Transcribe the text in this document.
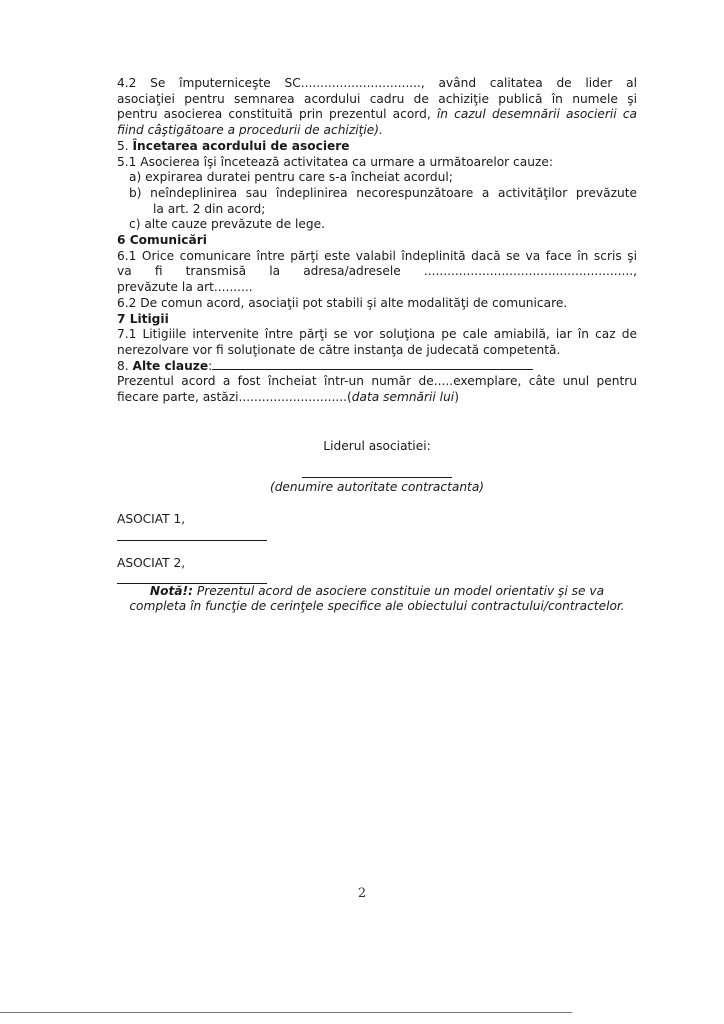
4.2 Se împuterniceşte SC..............................., având calitatea de lider al
asociaţiei pentru semnarea acordului cadru de achiziţie publică în numele şi
pentru asocierea constituită prin prezentul acord, în cazul desemnării asocierii ca
fiind câştigătoare a procedurii de achiziţie).
5. Încetarea acordului de asociere
5.1 Asocierea îşi încetează activitatea ca urmare a următoarelor cauze:
a) expirarea duratei pentru care s-a încheiat acordul;
b) neîndeplinirea sau îndeplinirea necorespunzătoare a activităţilor prevăzute
la art. 2 din acord;
c) alte cauze prevăzute de lege.
6 Comunicări
6.1 Orice comunicare între părţi este valabil îndeplinită dacă se va face în scris şi
va fi transmisă la adresa/adresele ......................................................,
prevăzute la art..........
6.2 De comun acord, asociaţii pot stabili şi alte modalităţi de comunicare.
7 Litigii
7.1 Litigiile intervenite între părţi se vor soluţiona pe cale amiabilă, iar în caz de
nerezolvare vor fi soluţionate de către instanţa de judecată competentă.
8. Alte clauze:
Prezentul acord a fost încheiat într-un număr de.....exemplare, câte unul pentru
fiecare parte, astăzi............................(data semnării lui)
Liderul asociatiei:
(denumire autoritate contractanta)
ASOCIAT 1,
ASOCIAT 2,
Notă!: Prezentul acord de asociere constituie un model orientativ şi se va
completa în funcţie de cerinţele specifice ale obiectului contractului/contractelor.
2
